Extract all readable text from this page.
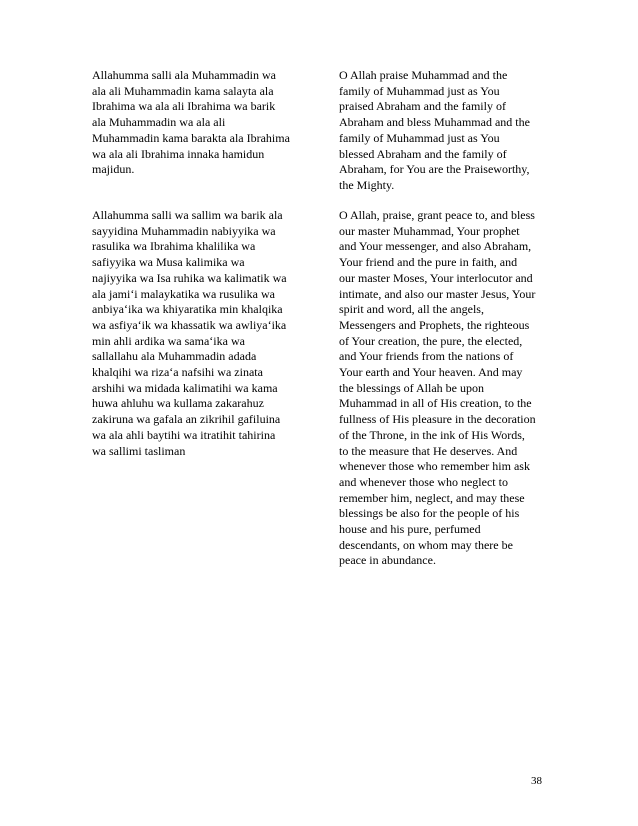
Allahumma salli ala Muhammadin wa
ala ali Muhammadin kama salayta ala
Ibrahima wa ala ali Ibrahima wa barik
ala Muhammadin wa ala ali
Muhammadin kama barakta ala Ibrahima
wa ala ali Ibrahima innaka hamidun
majidun.
O Allah praise Muhammad and the
family of Muhammad just as You
praised Abraham and the family of
Abraham and bless Muhammad and the
family of Muhammad just as You
blessed Abraham and the family of
Abraham, for You are the Praiseworthy,
the Mighty.
Allahumma salli wa sallim wa barik ala
sayyidina Muhammadin nabiyyika wa
rasulika wa Ibrahima khalilika wa
safiyyika wa Musa kalimika wa
najiyyika wa Isa ruhika wa kalimatik wa
ala jami‘i malaykatika wa rusulika wa
anbiya‘ika wa khiyaratika min khalqika
wa asfiya‘ik wa khassatik wa awliya‘ika
min ahli ardika wa sama‘ika wa
sallallahu ala Muhammadin adada
khalqihi wa riza‘a nafsihi wa zinata
arshihi wa midada kalimatihi wa kama
huwa ahluhu wa kullama zakarahuz
zakiruna wa gafala an zikrihil gafiluina
wa ala ahli baytihi wa itratihit tahirina
wa sallimi tasliman
O Allah, praise, grant peace to, and bless
our master Muhammad, Your prophet
and Your messenger, and also Abraham,
Your friend and the pure in faith, and
our master Moses, Your interlocutor and
intimate, and also our master Jesus, Your
spirit and word, all the angels,
Messengers and Prophets, the righteous
of Your creation, the pure, the elected,
and Your friends from the nations of
Your earth and Your heaven. And may
the blessings of Allah be upon
Muhammad in all of His creation, to the
fullness of His pleasure in the decoration
of the Throne, in the ink of His Words,
to the measure that He deserves. And
whenever those who remember him ask
and whenever those who neglect to
remember him, neglect, and may these
blessings be also for the people of his
house and his pure, perfumed
descendants, on whom may there be
peace in abundance.
38
